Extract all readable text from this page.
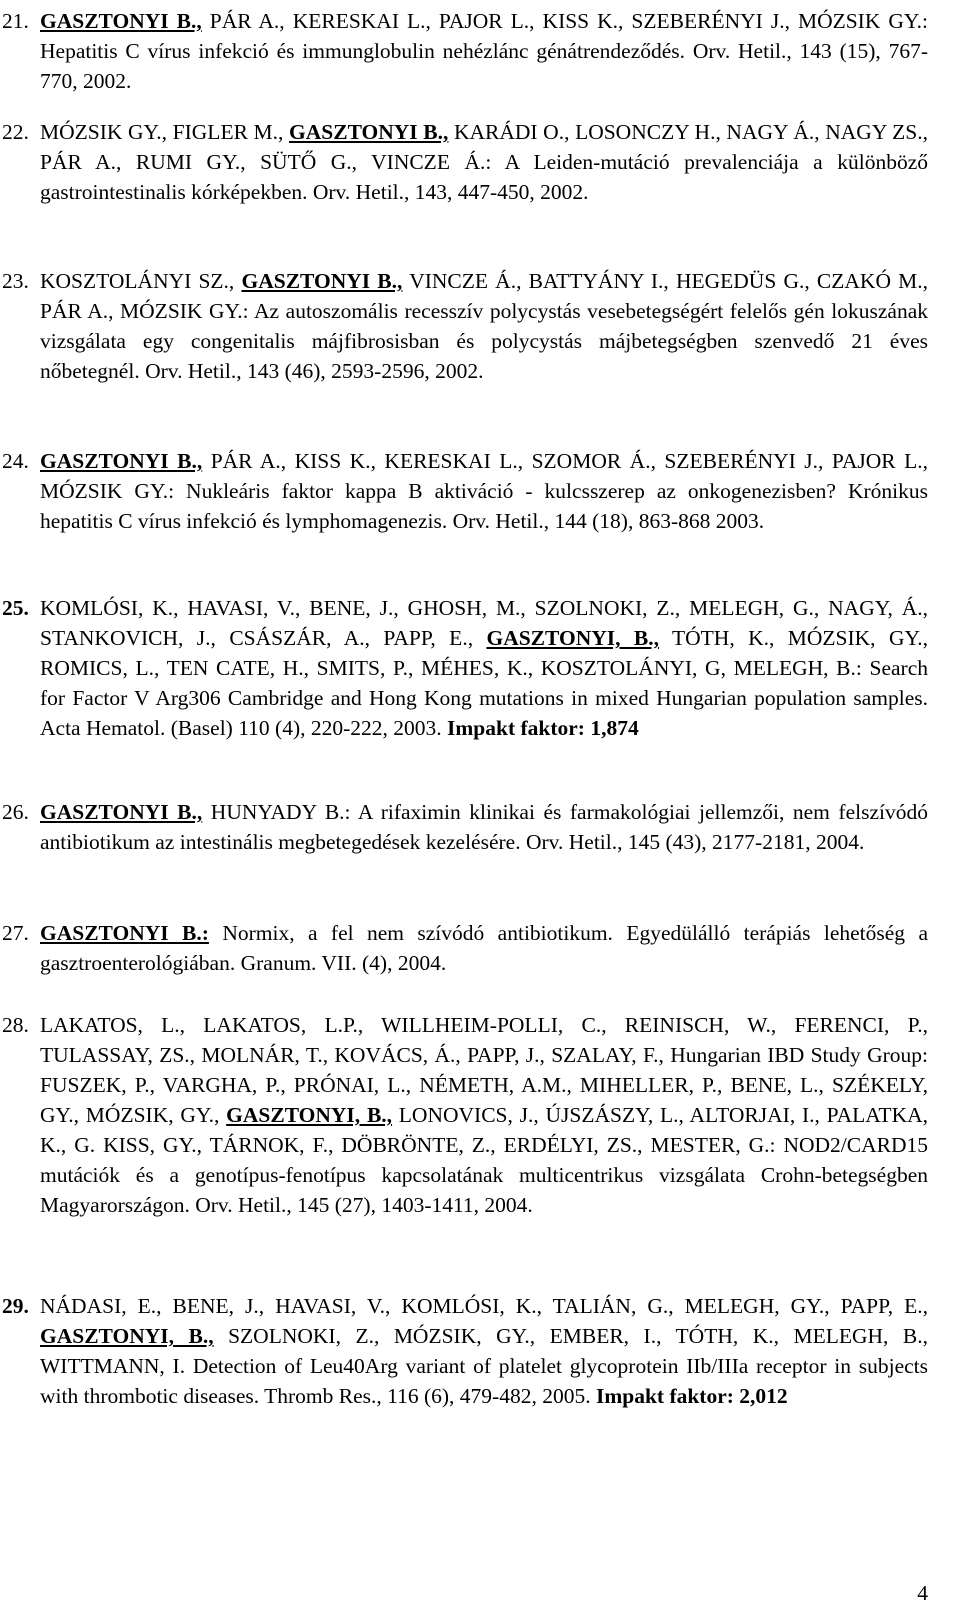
21. GASZTONYI B., PÁR A., KERESKAI L., PAJOR L., KISS K., SZEBERÉNYI J., MÓZSIK GY.: Hepatitis C vírus infekció és immunglobulin nehézlánc génátrendeződés. Orv. Hetil., 143 (15), 767-770, 2002.
22. MÓZSIK GY., FIGLER M., GASZTONYI B., KARÁDI O., LOSONCZY H., NAGY Á., NAGY ZS., PÁR A., RUMI GY., SÜTŐ G., VINCZE Á.: A Leiden-mutáció prevalenciája a különböző gastrointestinalis kórképekben. Orv. Hetil., 143, 447-450, 2002.
23. KOSZTOLÁNYI SZ., GASZTONYI B., VINCZE Á., BATTYÁNY I., HEGEDÜS G., CZAKÓ M., PÁR A., MÓZSIK GY.: Az autoszomális recesszív polycystás vesebetegségért felelős gén lokuszának vizsgálata egy congenitalis májfibrosisban és polycystás májbetegségben szenvedő 21 éves nőbetegnél. Orv. Hetil., 143 (46), 2593-2596, 2002.
24. GASZTONYI B., PÁR A., KISS K., KERESKAI L., SZOMOR Á., SZEBERÉNYI J., PAJOR L., MÓZSIK GY.: Nukleáris faktor kappa B aktiváció - kulcsszerep az onkogenezisben? Krónikus hepatitis C vírus infekció és lymphomagenezis. Orv. Hetil., 144 (18), 863-868 2003.
25. KOMLÓSI, K., HAVASI, V., BENE, J., GHOSH, M., SZOLNOKI, Z., MELEGH, G., NAGY, Á., STANKOVICH, J., CSÁSZÁR, A., PAPP, E., GASZTONYI, B., TÓTH, K., MÓZSIK, GY., ROMICS, L., TEN CATE, H., SMITS, P., MÉHES, K., KOSZTOLÁNYI, G, MELEGH, B.: Search for Factor V Arg306 Cambridge and Hong Kong mutations in mixed Hungarian population samples. Acta Hematol. (Basel) 110 (4), 220-222, 2003. Impakt faktor: 1,874
26. GASZTONYI B., HUNYADY B.: A rifaximin klinikai és farmakológiai jellemzői, nem felszívódó antibiotikum az intestinális megbetegedések kezelésére. Orv. Hetil., 145 (43), 2177-2181, 2004.
27. GASZTONYI B.: Normix, a fel nem szívódó antibiotikum. Egyedülálló terápiás lehetőség a gasztroenterológiában. Granum. VII. (4), 2004.
28. LAKATOS, L., LAKATOS, L.P., WILLHEIM-POLLI, C., REINISCH, W., FERENCI, P., TULASSAY, ZS., MOLNÁR, T., KOVÁCS, Á., PAPP, J., SZALAY, F., Hungarian IBD Study Group: FUSZEK, P., VARGHA, P., PRÓNAI, L., NÉMETH, A.M., MIHELLER, P., BENE, L., SZÉKELY, GY., MÓZSIK, GY., GASZTONYI, B., LONOVICS, J., ÚJSZÁSZY, L., ALTORJAI, I., PALATKA, K., G. KISS, GY., TÁRNOK, F., DÖBRÖNTE, Z., ERDÉLYI, ZS., MESTER, G.: NOD2/CARD15 mutációk és a genotípus-fenotípus kapcsolatának multicentrikus vizsgálata Crohn-betegségben Magyarországon. Orv. Hetil., 145 (27), 1403-1411, 2004.
29. NÁDASI, E., BENE, J., HAVASI, V., KOMLÓSI, K., TALIÁN, G., MELEGH, GY., PAPP, E., GASZTONYI, B., SZOLNOKI, Z., MÓZSIK, GY., EMBER, I., TÓTH, K., MELEGH, B., WITTMANN, I. Detection of Leu40Arg variant of platelet glycoprotein IIb/IIIa receptor in subjects with thrombotic diseases. Thromb Res., 116 (6), 479-482, 2005. Impakt faktor: 2,012
4
